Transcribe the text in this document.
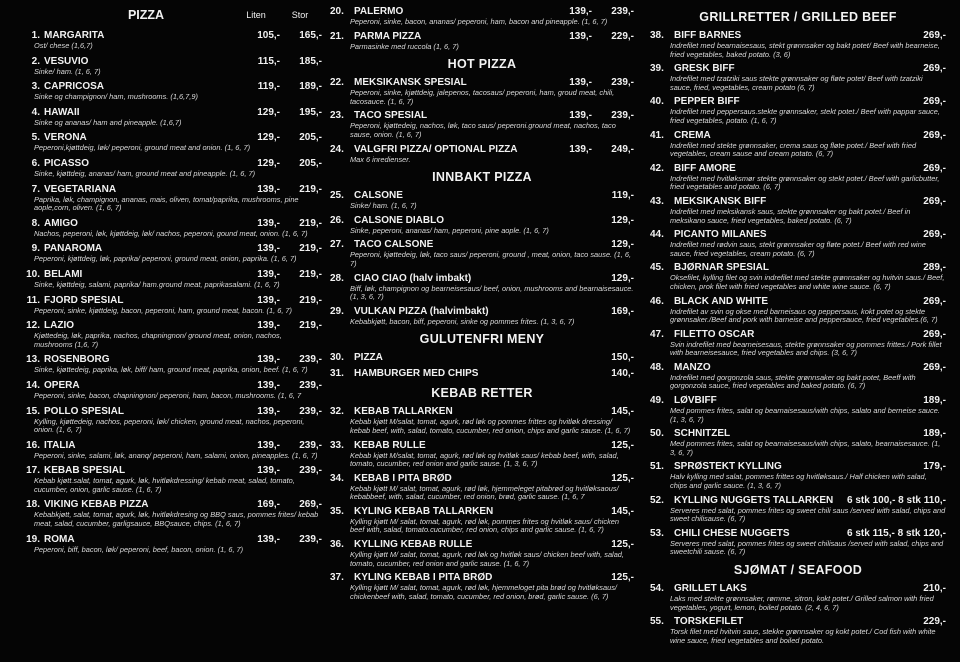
PIZZA	Liten	Stor
1. MARGARITA	105,-	165,-
Ost/ chese (1,6,7)
2. VESUVIO	115,-	185,-
Sinke/ ham. (1, 6, 7)
3. CAPRICOSA	119,-	189,-
Sinke og champignon/ ham, mushrooms. (1,6,7,9)
4. HAWAII	129,-	195,-
Sinke og ananas/ ham and pineapple. (1,6,7)
5. VERONA	129,-	205,-
Peperoni,kjøttdeig, løk/ peperoni, ground meat and onion. (1, 6, 7)
6. PICASSO	129,-	205,-
Sinke, kjøttdeig, ananas/ ham, ground meat and pineapple. (1, 6, 7)
7. VEGETARIANA	139,-	219,-
Paprika, løk, champignon, ananas, mais, oliven, tomat/paprika, mushrooms, pine aople,corn, oliven. (1, 6, 7)
8. AMIGO	139,-	219,-
Nachos, peperoni, løk, kjøttdeig, løk/ nachos, peperoni, gound meat, onion. (1, 6, 7)
9. PANAROMA	139,-	219,-
Peperoni, kjøttdeig, løk, paprika/ peperoni, ground meat, onion, paprika. (1, 6, 7)
10. BELAMI	139,-	219,-
Sinke, kjøttdeig, salami, paprika/ ham.ground meat, paprikasalami. (1, 6, 7)
11. FJORD SPESIAL	139,-	219,-
Peperoni, sinke, kjøttdeig, bacon, peperoni, ham, ground meat, bacon. (1, 6, 7)
12. LAZIO	139,-	219,-
Kjøttedeig, løk, paprika, nachos, chapningnon/ ground meat, onion, nachos, mushrooms (1,6, 7)
13. ROSENBORG	139,-	239,-
Sinke, kjøttedeig, paprika, løk, biff/ ham, ground meat, paprika, onion, beef. (1, 6, 7)
14. OPERA	139,-	239,-
Peperoni, sinke, bacon, chapningnon/ peperoni, ham, bacon, mushrooms. (1, 6, 7
15. POLLO SPESIAL	139,-	239,-
Kylling, kjøttedeig, nachos, peperoni, løk/ chicken, ground meat, nachos, peperoni, onion. (1, 6, 7)
16. ITALIA	139,-	239,-
Peperoni, sinke, salami, løk, ananq/ peperoni, ham, salami, onion, pineapples. (1, 6, 7)
17. KEBAB SPESIAL	139,-	239,-
Kebab kjøtt.salat, tomat, agurk, løk, hvitløkdressing/ kebab meat, salad, tomato, cucumber, onion, garlic sause. (1, 6, 7)
18. VIKING KEBAB PIZZA	169,-	269,-
Kebabkjøtt, salat, tomat, agurk, løk, hvitløkdresing og BBQ saus, pommes frites/ kebab meat, salad, cucumber, garligsauce, BBQsauce, chips. (1, 6, 7)
19. ROMA	139,-	239,-
Peperoni, biff, bacon, løk/ peperoni, beef, bacon, onion. (1, 6, 7)
20.	PALERMO	139,-	239,-
Peperoni, sinke, bacon, ananas/ peperoni, ham, bacon and pineapple. (1, 6, 7)
21.	PARMA PIZZA	139,-	229,-
Parmasinke med ruccola (1, 6, 7)
HOT PIZZA
22.	MEKSIKANSK SPESIAL	139,-	239,-
Peperoni, sinke, kjøttdeig, jalepenos, tacosaus/ peperoni, ham, groud meat, chili, tacosauce. (1, 6, 7)
23.	TACO SPESIAL	139,-	239,-
Peperoni, kjøttedeig, nachos, løk, taco saus/ peperoni.ground meat, nachos, taco sause, onion. (1, 6, 7)
24.	VALGFRI PIZZA/ OPTIONAL PIZZA	139,-	249,-
Max 6 inredienser.
INNBAKT PIZZA
25.	CALSONE	119,-
Sinke/ ham. (1, 6, 7)
26.	CALSONE DIABLO	129,-
Sinke, peperoni, ananas/ ham, peperoni, pine aople. (1, 6, 7)
27.	TACO CALSONE	129,-
Peperoni, kjøttedeig, løk, taco saus/ peperoni, ground , meat, onion, taco sause. (1, 6, 7)
28.	CIAO CIAO (halv imbakt)	129,-
Biff, løk, champignon og bearneisesaus/ beef, onion, mushrooms and bearnaisesauce. (1, 3, 6, 7)
29.	VULKAN PIZZA (halvimbakt)	169,-
Kebabkjøtt, bacon, biff, peperoni, sinke og pommes frites. (1, 3, 6, 7)
GULUTENFRI MENY
30.	PIZZA	150,-
31.	HAMBURGER MED CHIPS	140,-
KEBAB RETTER
32.	KEBAB TALLARKEN	145,-
Kebab kjøtt M/salat, tomat, agurk, rød løk og pommes frittes og hvitløk dressing/ kebab beef, with, salad, tomato, cucumber, red onion, chips and garlic sause. (1, 6, 7)
33.	KEBAB RULLE	125,-
Kebab kjøtt M/salat, tomat, agurk, rød løk og hvitløk saus/ kebab beef, with, salad, tomato, cucumber, red onion and garlic sause. (1, 3, 6, 7)
34.	KEBAB I PITA BRØD	125,-
Kebab kjøtt M/ salat, tomat, agurk, rød løk, hjemmeleget pitabrød og hvitløksaous/ kebabbeef, with, salad, cucumber, red onion, brød, garlic sause. (1, 6, 7
35.	KYLING KEBAB TALLARKEN	145,-
Kylling kjøtt M/ salat, tomat, agurk, rød løk, pommes frites og hvitløk saus/ chicken beef with, salad, tomato.cucumber, red onion, chips and garlic sause. (1, 6, 7)
36.	KYLLING KEBAB RULLE	125,-
Kylling kjøtt M/ salat, tomat, agurk, rød løk og hvitløk saus/ chicken beef with, salad, tomato, cucumber, red onion and garlic sause. (1, 6, 7)
37.	KYLING KEBAB I PITA BRØD	125,-
Kylling kjøtt M/ salat, tomat, agurk, rød løk, hjemmeloget pita brød og hvitløksaus/ chickenbeef with, salad, tomato, cucumber, red onion, brød, garlic sause. (6, 7)
GRILLRETTER / GRILLED BEEF
38.	BIFF BARNES	269,-
Indrefilet med bearnaisesaus, stekt grønnsaker og bakt potet/ Beef with bearneise, fried vegetables, baked potato. (3, 6)
39.	GRESK BIFF	269,-
Indrefilet med tzatziki saus stekte grønnsaker og fløte potet/ Beef with tzatziki sauce, fried, vegetables, cream potato (6, 7)
40.	PEPPER BIFF	269,-
Indrefilet med peppersaus.stekte grønnsaker, stekt potet./ Beef with pappar sauce, fried vegetables, potato. (1, 6, 7)
41.	CREMA	269,-
Indrefilet med stekte grønnsaker, crema saus og fløte potet./ Beef with fried vegetables, cream sause and cream potato. (6, 7)
42.	BIFF AMORE	269,-
Indrefilet med hvitløksmør stekte grønnsaker og stekt potet./ Beef with garlicbutter, fried vegetables and potato. (6, 7)
43.	MEKSIKANSK BIFF	269,-
Indrefilet med meksikansk saus, stekte grønnsaker og bakt potet./ Beef in meksikano sauce, fried vegetables, baked potato. (6, 7)
44.	PICANTO MILANES	269,-
Indrefilet med rødvin saus, stekt grønnsaker og fløte potet./ Beef with red wine sauce, fried vegetables, cream potato. (6, 7)
45.	BJØRNAR SPESIAL	289,-
Oksefilet, kylling filet og svin indrefilet med stekte grønnsaker og hvitvin saus./ Beef, chicken, prok filet with fried vegetables and white wine sauce. (6, 7)
46.	BLACK AND WHITE	269,-
Indrefilet av svin og okse med barneisaus og peppersaus, kokt potet og stekte grønnsaker./Beef and pork with barneise and peppersauce, fried vegetables.(6, 7)
47.	FILETTO OSCAR	269,-
Svin indrefilet med bearneisesaus, stekte grønnsaker og pommes frittes./ Pork fillet with bearneisesauce, fried vegetables and chips. (3, 6, 7)
48.	MANZO	269,-
Indrefilet med gorgonzola saus, stekte grønnsaker og bakt potet, Beeff with gorgonzola sauce, fried vegetables and baked potato. (6, 7)
49.	LØVBIFF	189,-
Med pommes frites, salat og bearnaisesaus/with chips, salato and berneise sauce. (1, 3, 6, 7)
50.	SCHNITZEL	189,-
Med pommes frites, salat og bearnaisesaus/with chips, salato, bearnaisesauce. (1, 3, 6, 7)
51.	SPRØSTEKT KYLLING	179,-
Halv kylling med salat, pommes frittes og hvitløksaus./ Half chicken with salad, chips and garlic sauce. (1, 3, 6, 7)
52.	KYLLING NUGGETS TALLARKEN	6 stk 100,- 8 stk 110,-
Serveres med salat, pommes frites og sweet chili saus /served with salad, chips and sweet chilisause. (6, 7)
53.	CHILI CHESE NUGGETS	6 stk 115,- 8 stk 120,-
Serveres med salat, pommes frites og sweet chilisaus /served with salad, chips and sweetchili sause. (6, 7)
SJØMAT / SEAFOOD
54.	GRILLET LAKS	210,-
Laks med stekte grønnsaker, rømme, sitron, kokt potet./ Grilled salmon with fried vegetables, yogurt, lemon, boiled potato. (2, 4, 6, 7)
55.	TORSKEFILET	229,-
Torsk filet med hvitvin saus, stekke grønnsaker og kokt potet./ Cod fish with white wine sauce, fried vegetables and boiled potato.
